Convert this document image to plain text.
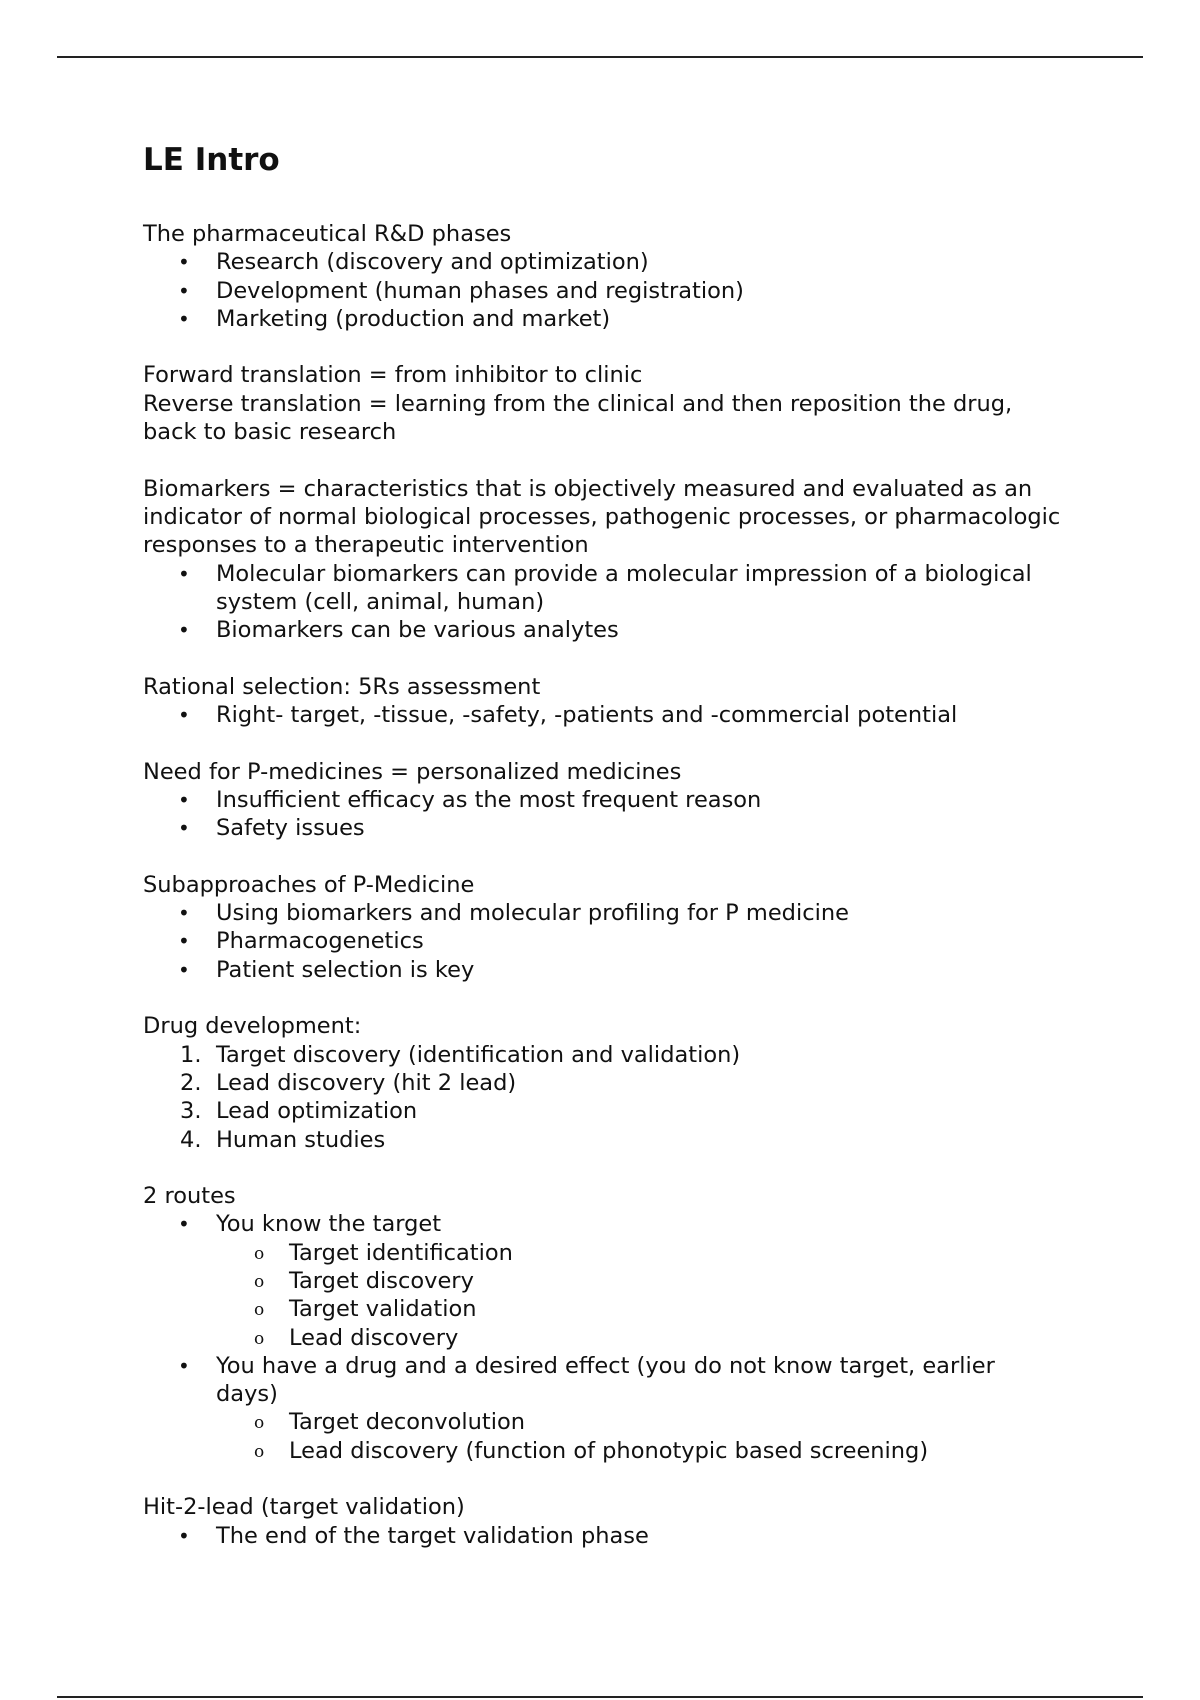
LE Intro

The pharmaceutical R&D phases

• Research (discovery and optimization)
• Development (human phases and registration)
• Marketing (production and market)

Forward translation = from inhibitor to clinic

Reverse translation = learning from the clinical and then reposition the drug, back to basic research

Biomarkers = characteristics that is objectively measured and evaluated as an indicator of normal biological processes, pathogenic processes, or pharmacologic responses to a therapeutic intervention

• Molecular biomarkers can provide a molecular impression of a biological system (cell, animal, human)
• Biomarkers can be various analytes

Rational selection: 5Rs assessment

• Right- target, -tissue, -safety, -patients and -commercial potential

Need for P-medicines = personalized medicines

• Insufficient efficacy as the most frequent reason
• Safety issues

Subapproaches of P-Medicine

• Using biomarkers and molecular profiling for P medicine
• Pharmacogenetics
• Patient selection is key

Drug development:

1. Target discovery (identification and validation)
2. Lead discovery (hit 2 lead)
3. Lead optimization
4. Human studies

2 routes

• You know the target
o Target identification
o Target discovery
o Target validation
o Lead discovery
• You have a drug and a desired effect (you do not know target, earlier days)
o Target deconvolution
o Lead discovery (function of phonotypic based screening)

Hit-2-lead (target validation)

• The end of the target validation phase
